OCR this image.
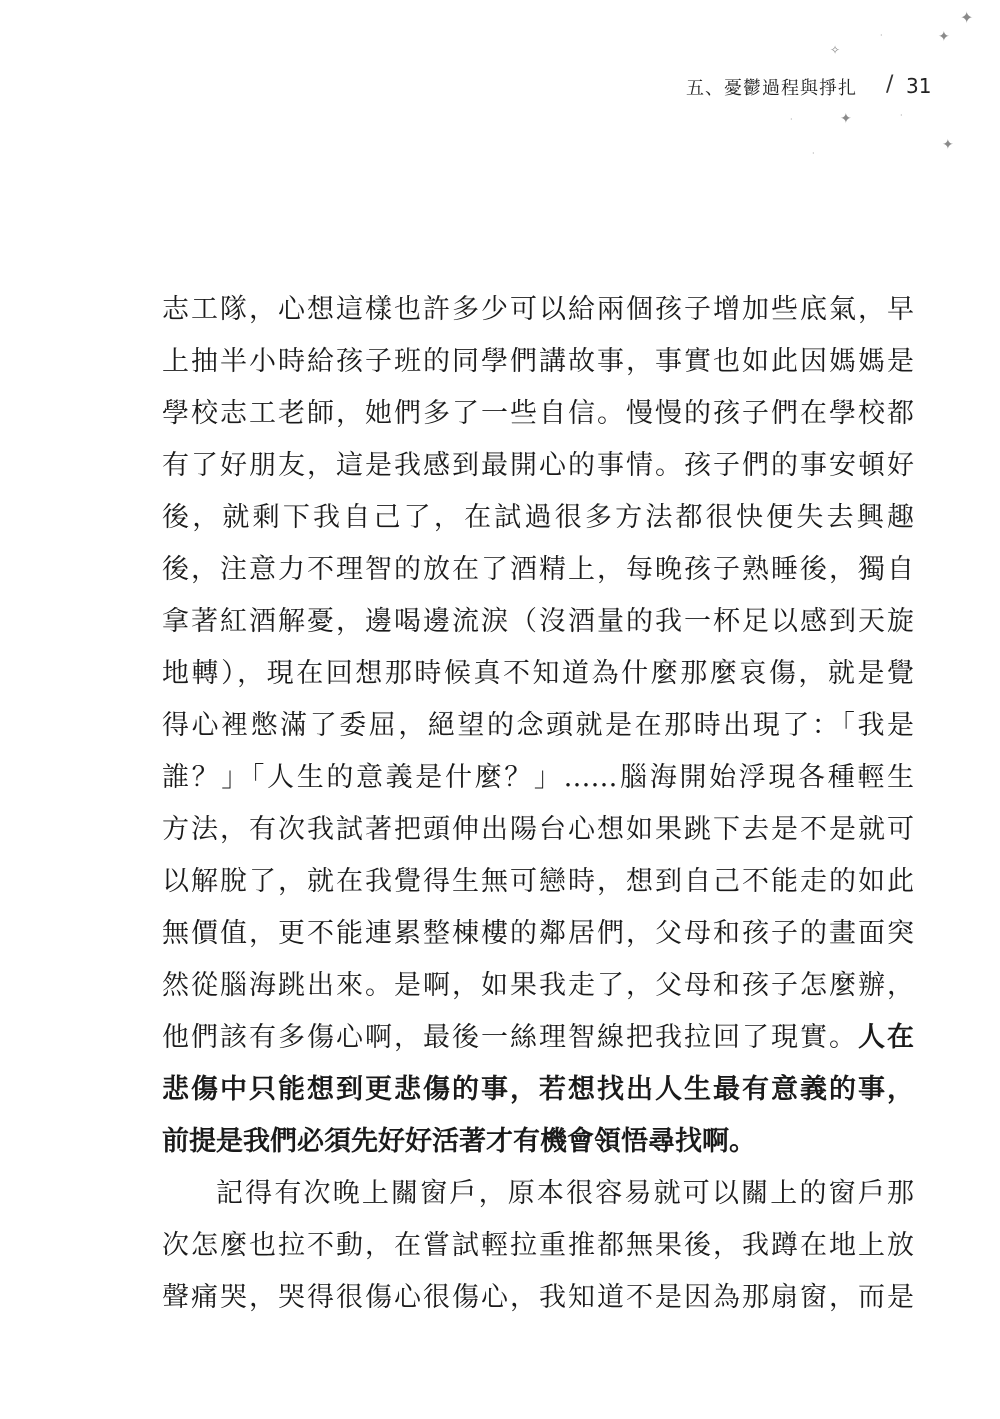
✦
✧
✦
·
✦
✦
·
·
·
五、憂鬱過程與掙扎 / 31
志工隊，心想這樣也許多少可以給兩個孩子增加些底氣，早
上抽半小時給孩子班的同學們講故事，事實也如此因媽媽是
學校志工老師，她們多了一些自信。慢慢的孩子們在學校都
有了好朋友，這是我感到最開心的事情。孩子們的事安頓好
後，就剩下我自己了，在試過很多方法都很快便失去興趣
後，注意力不理智的放在了酒精上，每晚孩子熟睡後，獨自
拿著紅酒解憂，邊喝邊流淚（沒酒量的我一杯足以感到天旋
地轉），現在回想那時候真不知道為什麼那麼哀傷，就是覺
得心裡憋滿了委屈，絕望的念頭就是在那時出現了：「我是
誰？」「人生的意義是什麼？」……腦海開始浮現各種輕生
方法，有次我試著把頭伸出陽台心想如果跳下去是不是就可
以解脫了，就在我覺得生無可戀時，想到自己不能走的如此
無價值，更不能連累整棟樓的鄰居們，父母和孩子的畫面突
然從腦海跳出來。是啊，如果我走了，父母和孩子怎麼辦，
他們該有多傷心啊，最後一絲理智線把我拉回了現實。人在
悲傷中只能想到更悲傷的事，若想找出人生最有意義的事，
前提是我們必須先好好活著才有機會領悟尋找啊。
記得有次晚上關窗戶，原本很容易就可以關上的窗戶那
次怎麼也拉不動，在嘗試輕拉重推都無果後，我蹲在地上放
聲痛哭，哭得很傷心很傷心，我知道不是因為那扇窗，而是
